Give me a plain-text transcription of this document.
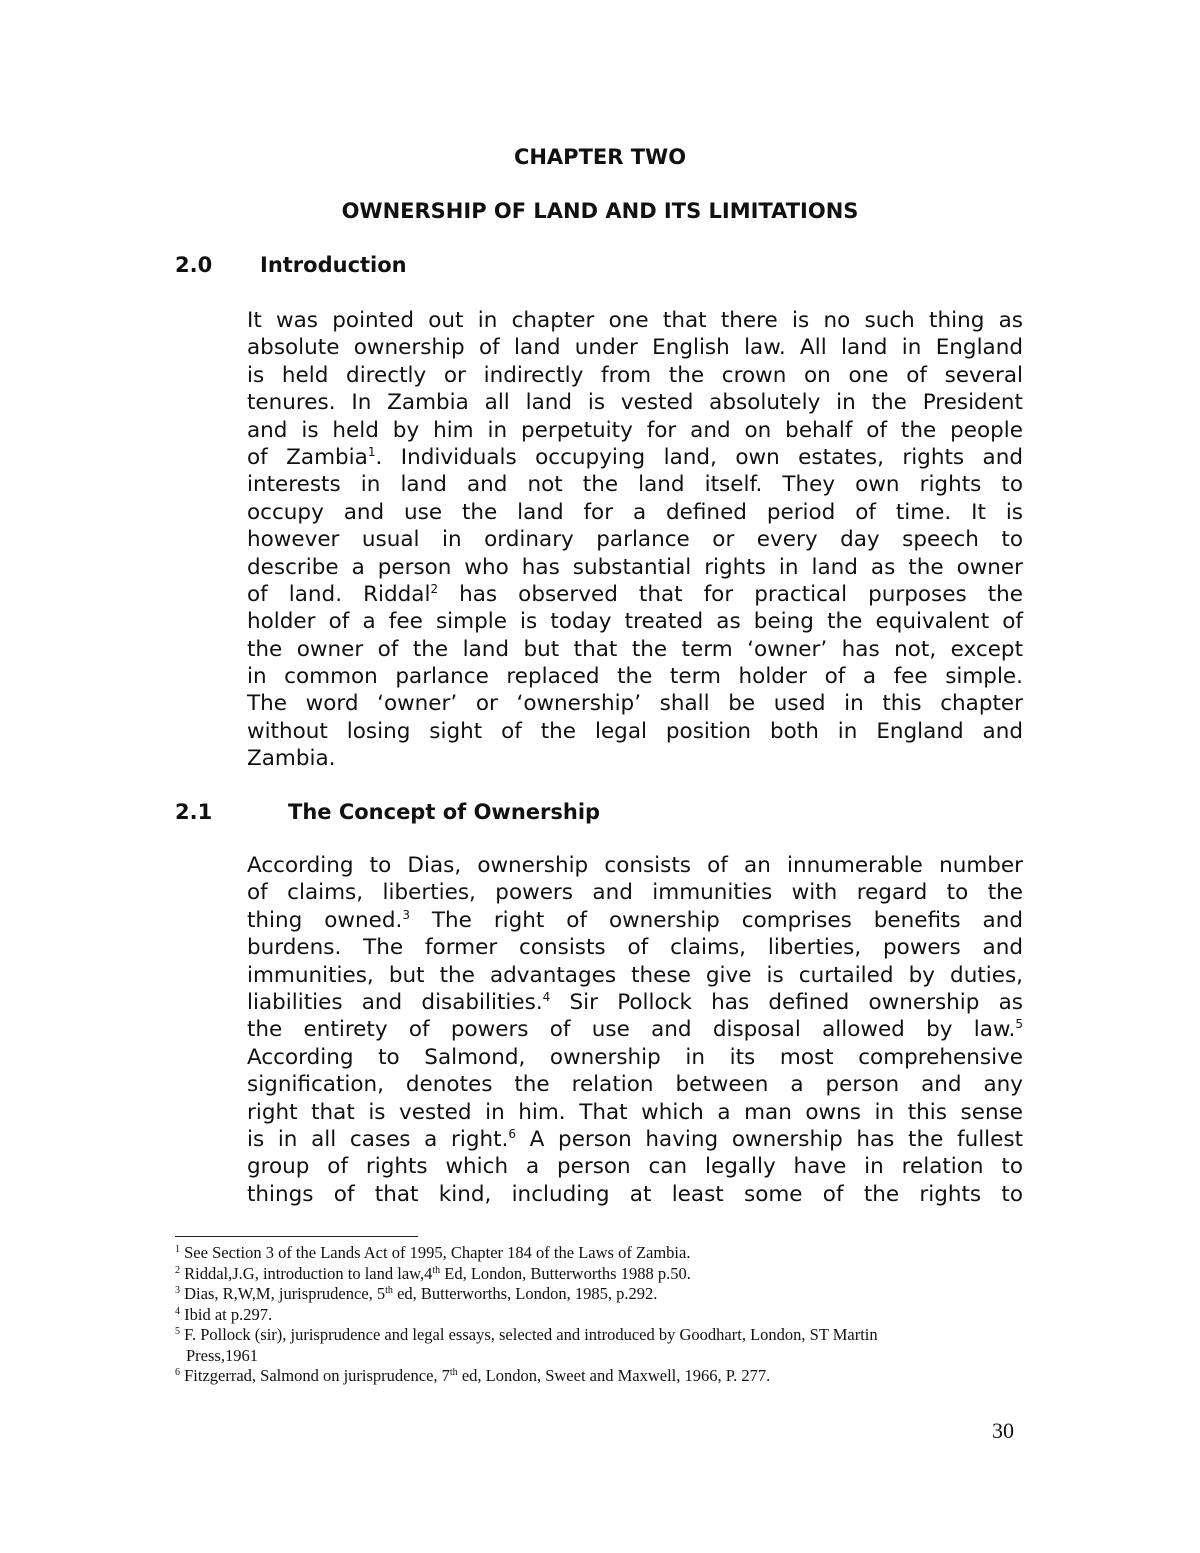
CHAPTER TWO
OWNERSHIP OF LAND AND ITS LIMITATIONS
2.0 Introduction
It was pointed out in chapter one that there is no such thing as
absolute ownership of land under English law. All land in England
is held directly or indirectly from the crown on one of several
tenures. In Zambia all land is vested absolutely in the President
and is held by him in perpetuity for and on behalf of the people
of Zambia$^1$. Individuals occupying land, own estates, rights and
interests in land and not the land itself. They own rights to
occupy and use the land for a defined period of time. It is
however usual in ordinary parlance or every day speech to
describe a person who has substantial rights in land as the owner
of land. Riddal$^2$ has observed that for practical purposes the
holder of a fee simple is today treated as being the equivalent of
the owner of the land but that the term ‘owner’ has not, except
in common parlance replaced the term holder of a fee simple.
The word ‘owner’ or ‘ownership’ shall be used in this chapter
without losing sight of the legal position both in England and
Zambia.
2.1	The Concept of Ownership
According to Dias, ownership consists of an innumerable number
of claims, liberties, powers and immunities with regard to the
thing owned.$^3$ The right of ownership comprises benefits and
burdens. The former consists of claims, liberties, powers and
immunities, but the advantages these give is curtailed by duties,
liabilities and disabilities.$^4$ Sir Pollock has defined ownership as
the entirety of powers of use and disposal allowed by law.$^5$
According to Salmond, ownership in its most comprehensive
signification, denotes the relation between a person and any
right that is vested in him. That which a man owns in this sense
is in all cases a right.$^6$ A person having ownership has the fullest
group of rights which a person can legally have in relation to
things of that kind, including at least some of the rights to
$^1$ See Section 3 of the Lands Act of 1995, Chapter 184 of the Laws of Zambia.
$^2$ Riddal,J.G, introduction to land law,4th Ed, London, Butterworths 1988 p.50.
$^3$ Dias, R,W,M, jurisprudence, 5th ed, Butterworths, London, 1985, p.292.
$^4$ Ibid at p.297.
$^5$ F. Pollock (sir), jurisprudence and legal essays, selected and introduced by Goodhart, London, ST Martin
Press,1961
$^6$ Fitzgerrad, Salmond on jurisprudence, 7th ed, London, Sweet and Maxwell, 1966, P. 277.
30
